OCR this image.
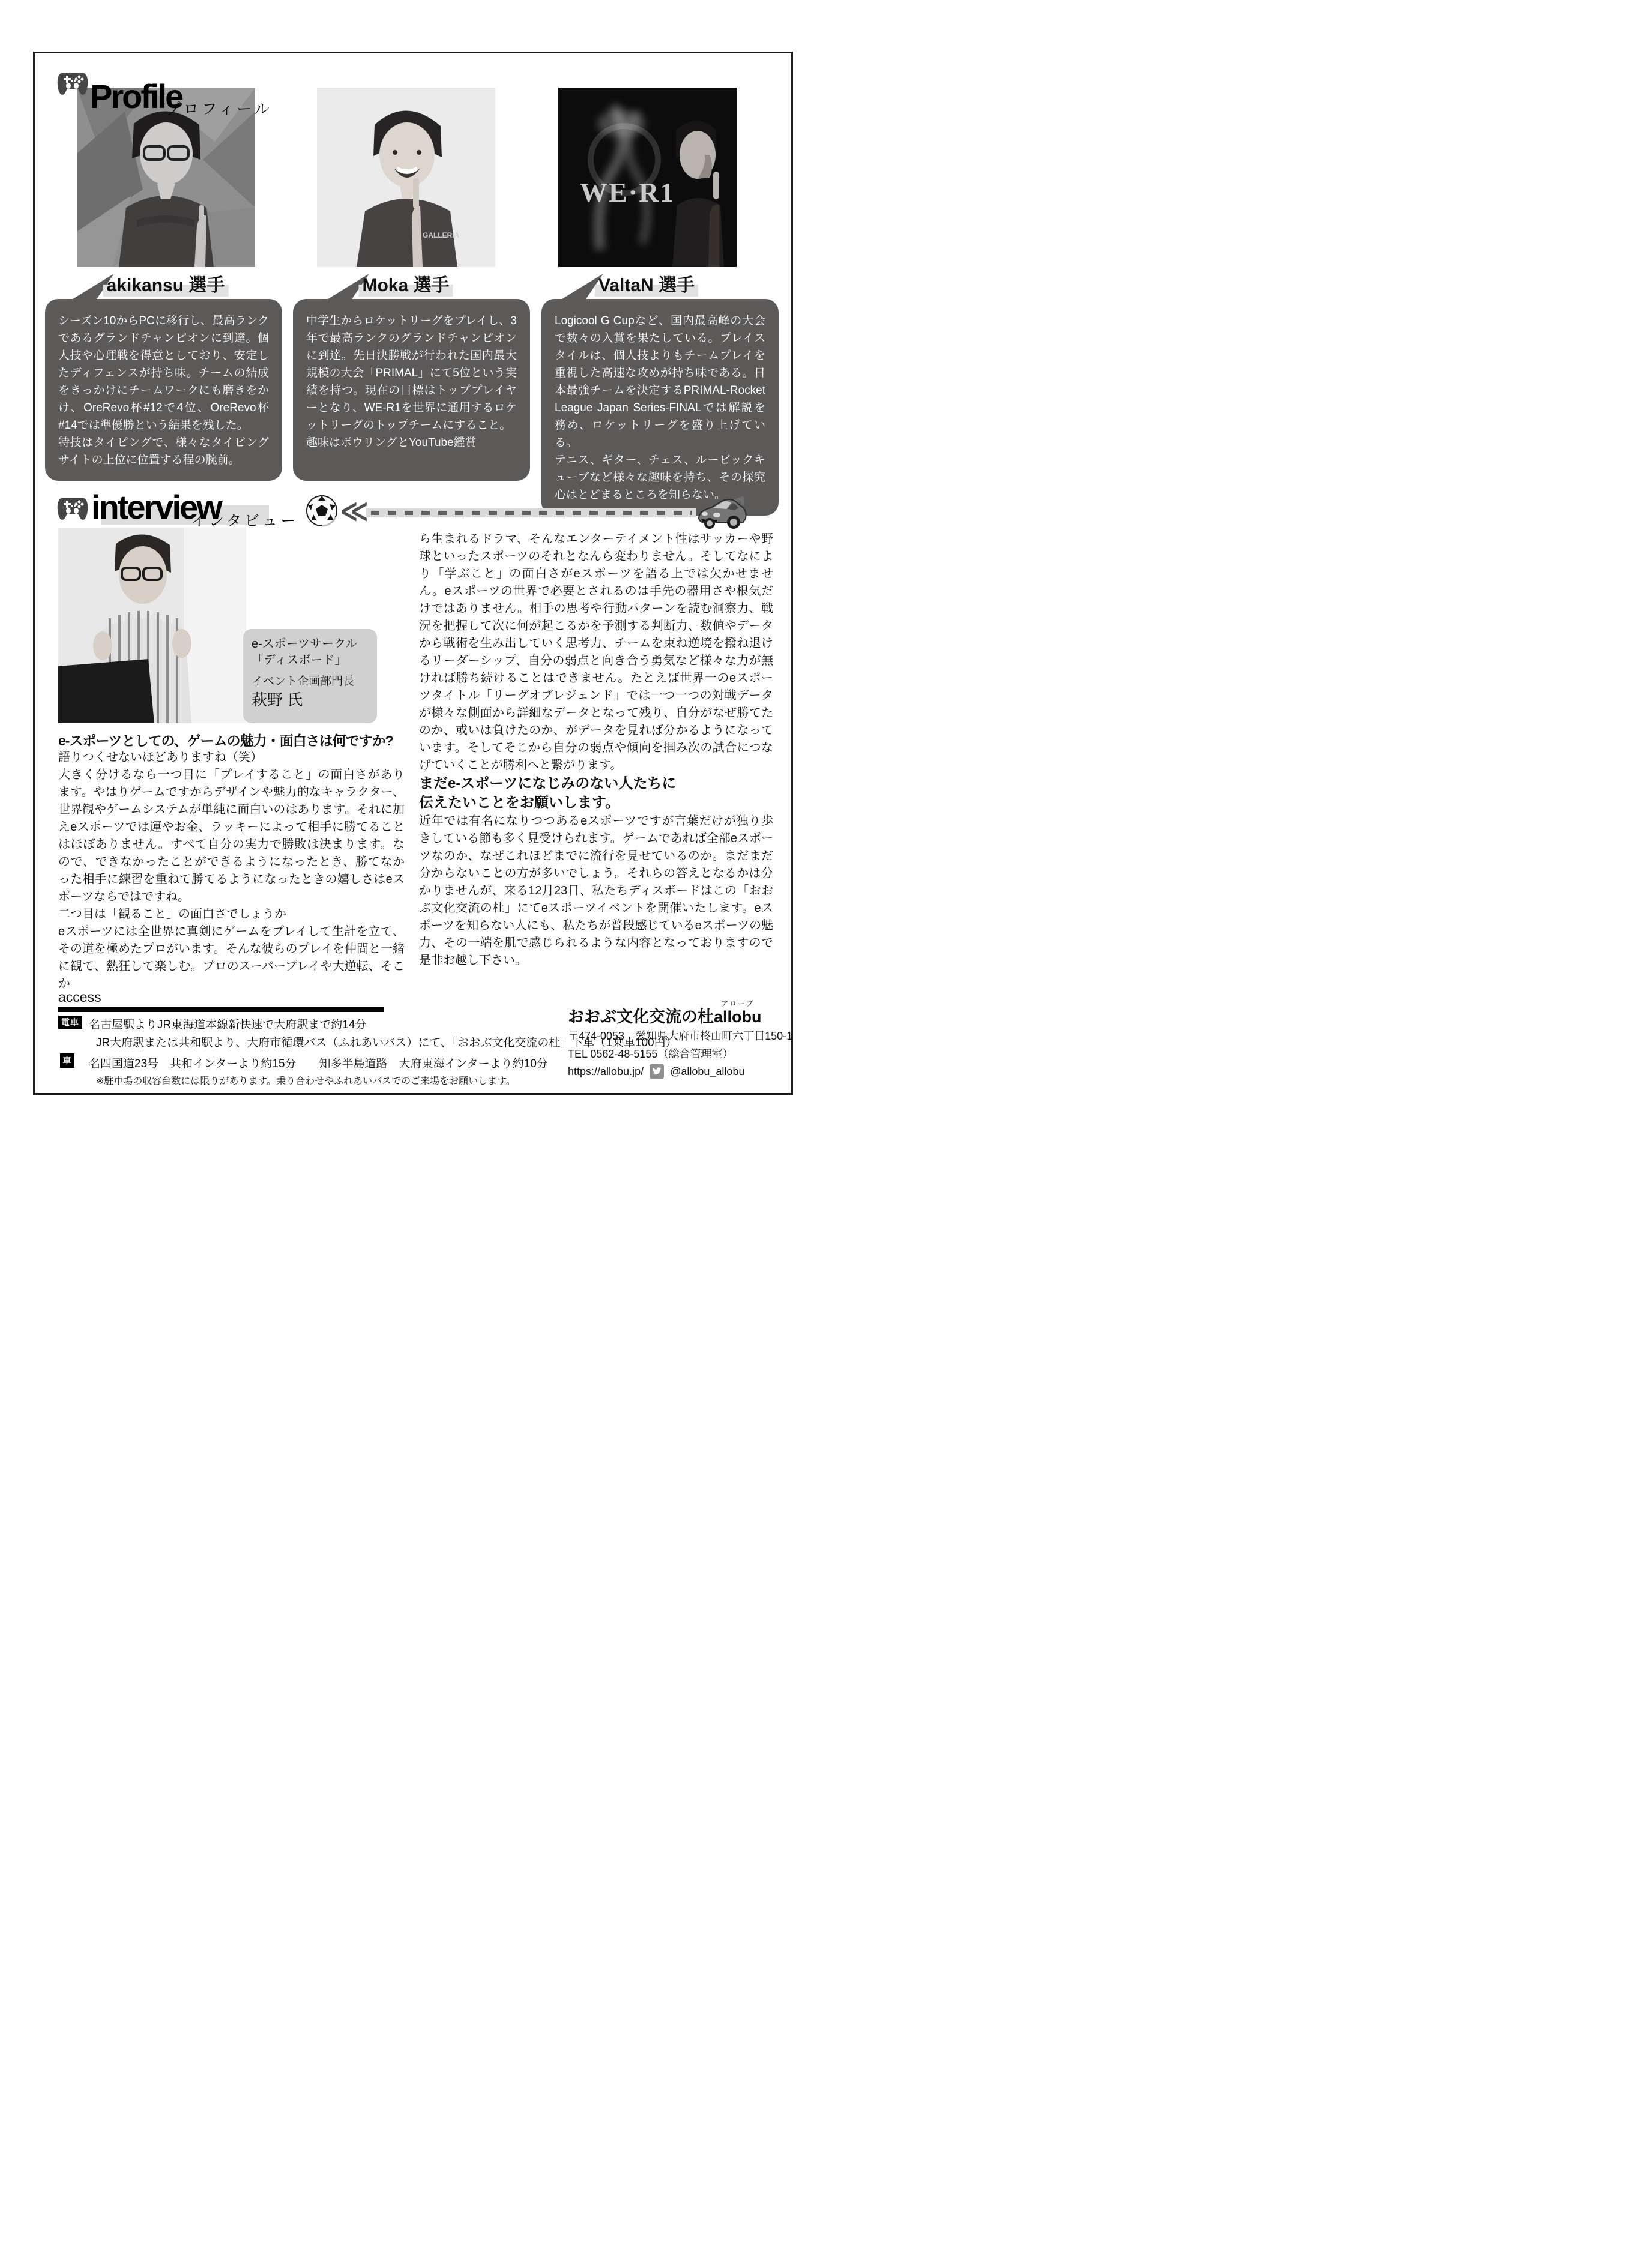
Profile
プロフィール
GALLERIA
WE·R1
akikansu 選手	Moka 選手	ValtaN 選手

シーズン10からPCに移行し、最高ランクであるグランドチャンピオンに到達。個人技や心理戦を得意としており、安定したディフェンスが持ち味。チームの結成をきっかけにチームワークにも磨きをかけ、OreRevo杯#12で4位、OreRevo杯#14では準優勝という結果を残した。

特技はタイピングで、様々なタイピングサイトの上位に位置する程の腕前。

中学生からロケットリーグをプレイし、3年で最高ランクのグランドチャンピオンに到達。先日決勝戦が行われた国内最大規模の大会「PRIMAL」にて5位という実績を持つ。現在の目標はトッププレイヤーとなり、WE-R1を世界に通用するロケットリーグのトップチームにすること。

趣味はボウリングとYouTube鑑賞

Logicool G Cupなど、国内最高峰の大会で数々の入賞を果たしている。プレイスタイルは、個人技よりもチームプレイを重視した高速な攻めが持ち味である。日本最強チームを決定するPRIMAL-Rocket League Japan Series-FINALでは解説を務め、ロケットリーグを盛り上げている。

テニス、ギター、チェス、ルービックキューブなど様々な趣味を持ち、その探究心はとどまるところを知らない。

interview
インタビュー ≪
e-スポーツサークル
「ディスボード」
イベント企画部門長
萩野 氏
e-スポーツとしての、ゲームの魅力・面白さは何ですか?

語りつくせないほどありますね（笑）

大きく分けるなら一つ目に「プレイすること」の面白さがあります。やはりゲームですからデザインや魅力的なキャラクター、世界観やゲームシステムが単純に面白いのはあります。それに加えeスポーツでは運やお金、ラッキーによって相手に勝てることはほぼありません。すべて自分の実力で勝敗は決まります。なので、できなかったことができるようになったとき、勝てなかった相手に練習を重ねて勝てるようになったときの嬉しさはeスポーツならではですね。

二つ目は「観ること」の面白さでしょうか

eスポーツには全世界に真剣にゲームをプレイして生計を立て、その道を極めたプロがいます。そんな彼らのプレイを仲間と一緒に観て、熱狂して楽しむ。プロのスーパープレイや大逆転、そこか

ら生まれるドラマ、そんなエンターテイメント性はサッカーや野球といったスポーツのそれとなんら変わりません。そしてなにより「学ぶこと」の面白さがeスポーツを語る上では欠かせません。eスポーツの世界で必要とされるのは手先の器用さや根気だけではありません。相手の思考や行動パターンを読む洞察力、戦況を把握して次に何が起こるかを予測する判断力、数値やデータから戦術を生み出していく思考力、チームを束ね逆境を撥ね退けるリーダーシップ、自分の弱点と向き合う勇気など様々な力が無ければ勝ち続けることはできません。たとえば世界一のeスポーツタイトル「リーグオブレジェンド」では一つ一つの対戦データが様々な側面から詳細なデータとなって残り、自分がなぜ勝てたのか、或いは負けたのか、がデータを見れば分かるようになっています。そしてそこから自分の弱点や傾向を掴み次の試合につなげていくことが勝利へと繋がります。

まだe-スポーツになじみのない人たちに
伝えたいことをお願いします。

近年では有名になりつつあるeスポーツですが言葉だけが独り歩きしている節も多く見受けられます。ゲームであれば全部eスポーツなのか、なぜこれほどまでに流行を見せているのか。まだまだ分からないことの方が多いでしょう。それらの答えとなるかは分かりませんが、来る12月23日、私たちディスボードはこの「おおぶ文化交流の杜」にてeスポーツイベントを開催いたします。eスポーツを知らない人にも、私たちが普段感じているeスポーツの魅力、その一端を肌で感じられるような内容となっておりますので是非お越し下さい。

access
電車 名古屋駅よりJR東海道本線新快速で大府駅まで約14分
JR大府駅または共和駅より、大府市循環バス（ふれあいバス）にて、「おおぶ文化交流の杜」下車（1乗車100円）
車 名四国道23号　共和インターより約15分　　知多半島道路　大府東海インターより約10分
※駐車場の収容台数には限りがあります。乗り合わせやふれあいバスでのご来場をお願いします。
おおぶ文化交流の杜
アローブ
allobu
〒474-0053　愛知県大府市柊山町六丁目150-1
TEL 0562-48-5155（総合管理室）
https://allobu.jp/ @allobu_allobu
